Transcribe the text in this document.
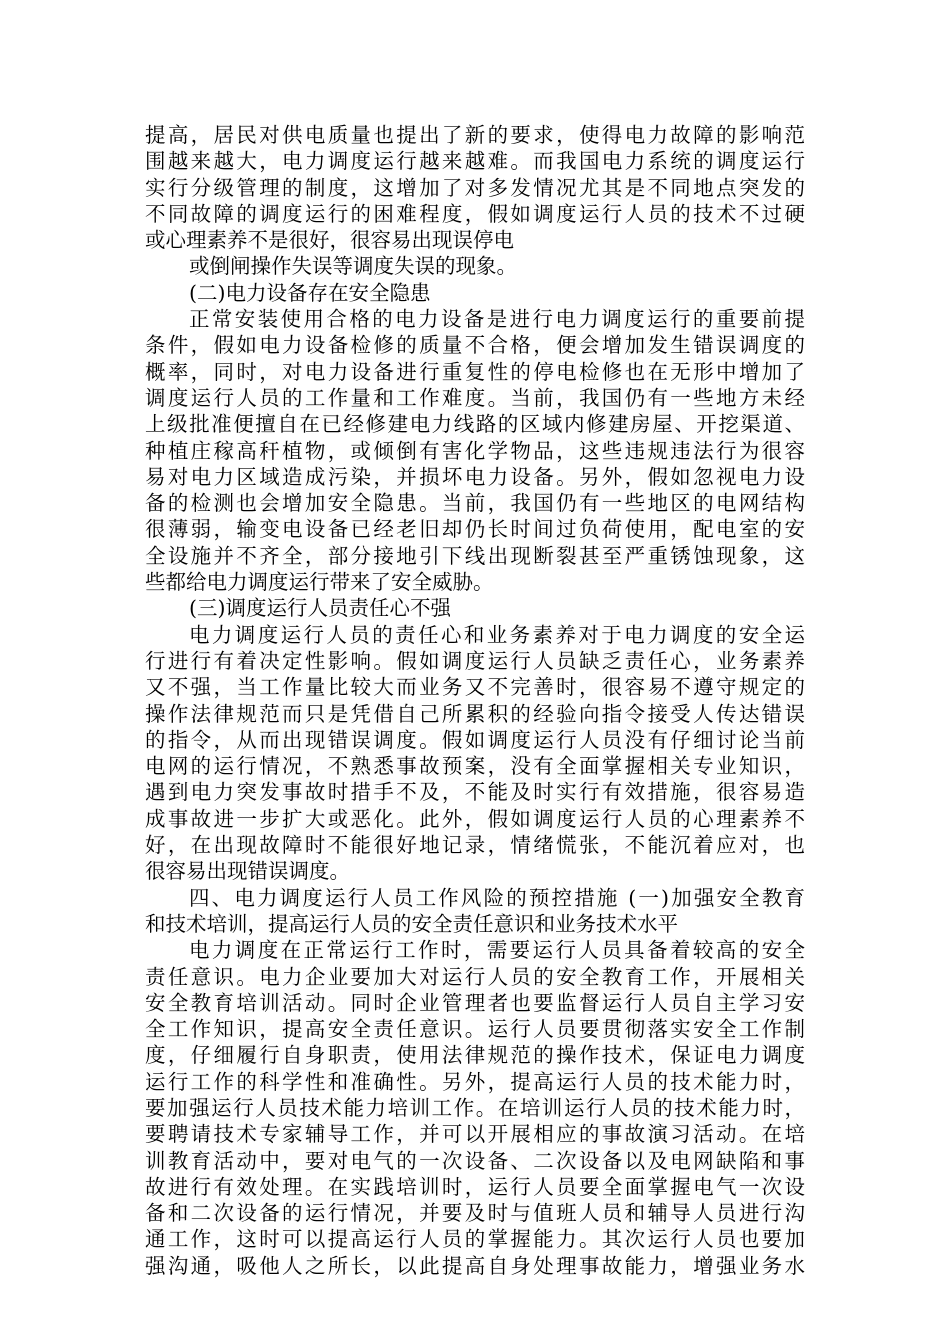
提高，居民对供电质量也提出了新的要求，使得电力故障的影响范
围越来越大，电力调度运行越来越难。而我国电力系统的调度运行
实行分级管理的制度，这增加了对多发情况尤其是不同地点突发的
不同故障的调度运行的困难程度，假如调度运行人员的技术不过硬
或心理素养不是很好，很容易出现误停电
或倒闸操作失误等调度失误的现象。
(二)电力设备存在安全隐患
正常安装使用合格的电力设备是进行电力调度运行的重要前提
条件，假如电力设备检修的质量不合格，便会增加发生错误调度的
概率，同时，对电力设备进行重复性的停电检修也在无形中增加了
调度运行人员的工作量和工作难度。当前，我国仍有一些地方未经
上级批准便擅自在已经修建电力线路的区域内修建房屋、开挖渠道、
种植庄稼高秆植物，或倾倒有害化学物品，这些违规违法行为很容
易对电力区域造成污染，并损坏电力设备。另外，假如忽视电力设
备的检测也会增加安全隐患。当前，我国仍有一些地区的电网结构
很薄弱，输变电设备已经老旧却仍长时间过负荷使用，配电室的安
全设施并不齐全，部分接地引下线出现断裂甚至严重锈蚀现象，这
些都给电力调度运行带来了安全威胁。
(三)调度运行人员责任心不强
电力调度运行人员的责任心和业务素养对于电力调度的安全运
行进行有着决定性影响。假如调度运行人员缺乏责任心，业务素养
又不强，当工作量比较大而业务又不完善时，很容易不遵守规定的
操作法律规范而只是凭借自己所累积的经验向指令接受人传达错误
的指令，从而出现错误调度。假如调度运行人员没有仔细讨论当前
电网的运行情况，不熟悉事故预案，没有全面掌握相关专业知识，
遇到电力突发事故时措手不及，不能及时实行有效措施，很容易造
成事故进一步扩大或恶化。此外，假如调度运行人员的心理素养不
好，在出现故障时不能很好地记录，情绪慌张，不能沉着应对，也
很容易出现错误调度。
四、电力调度运行人员工作风险的预控措施 (一)加强安全教育
和技术培训，提高运行人员的安全责任意识和业务技术水平
电力调度在正常运行工作时，需要运行人员具备着较高的安全
责任意识。电力企业要加大对运行人员的安全教育工作，开展相关
安全教育培训活动。同时企业管理者也要监督运行人员自主学习安
全工作知识，提高安全责任意识。运行人员要贯彻落实安全工作制
度，仔细履行自身职责，使用法律规范的操作技术，保证电力调度
运行工作的科学性和准确性。另外，提高运行人员的技术能力时，
要加强运行人员技术能力培训工作。在培训运行人员的技术能力时，
要聘请技术专家辅导工作，并可以开展相应的事故演习活动。在培
训教育活动中，要对电气的一次设备、二次设备以及电网缺陷和事
故进行有效处理。在实践培训时，运行人员要全面掌握电气一次设
备和二次设备的运行情况，并要及时与值班人员和辅导人员进行沟
通工作，这时可以提高运行人员的掌握能力。其次运行人员也要加
强沟通，吸他人之所长，以此提高自身处理事故能力，增强业务水
